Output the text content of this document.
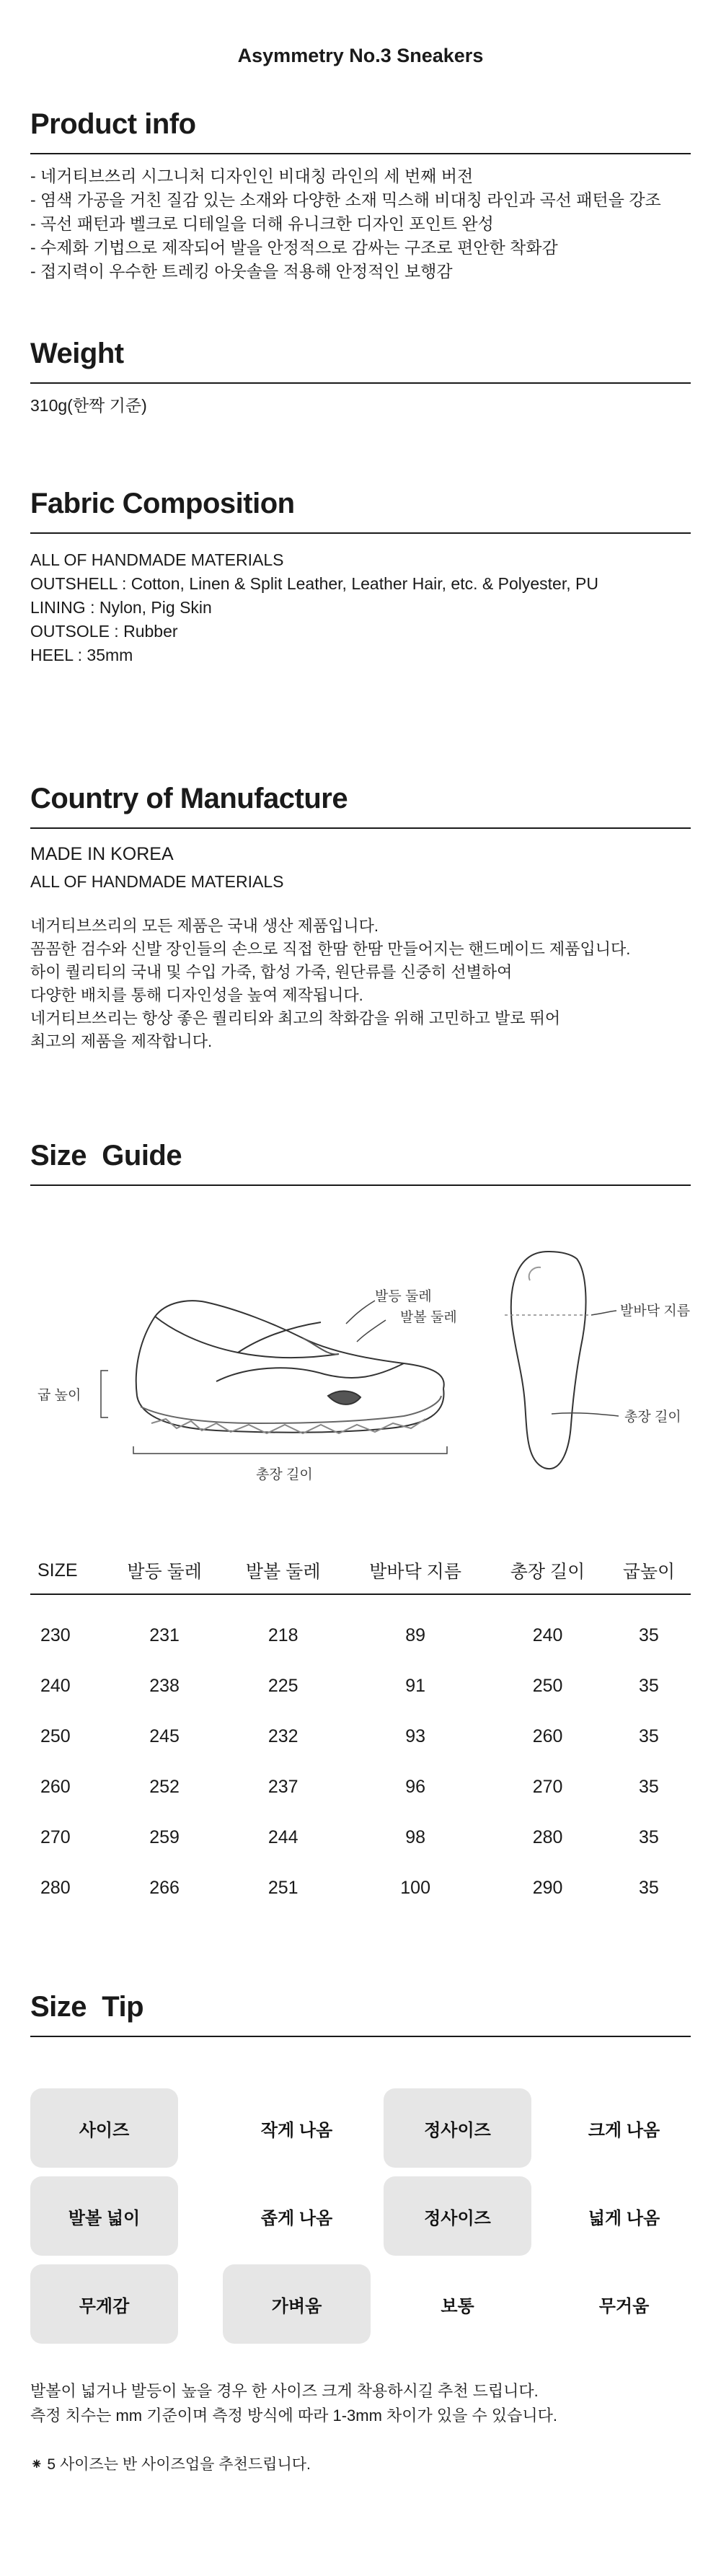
Asymmetry No.3 Sneakers
Product info
- 네거티브쓰리 시그니처 디자인인 비대칭 라인의 세 번째 버전
- 염색 가공을 거친 질감 있는 소재와 다양한 소재 믹스해 비대칭 라인과 곡선 패턴을 강조
- 곡선 패턴과 벨크로 디테일을 더해 유니크한 디자인 포인트 완성
- 수제화 기법으로 제작되어 발을 안정적으로 감싸는 구조로 편안한 착화감
- 접지력이 우수한 트레킹 아웃솔을 적용해 안정적인 보행감
Weight
310g(한짝 기준)
Fabric Composition
ALL OF HANDMADE MATERIALS
OUTSHELL : Cotton, Linen & Split Leather, Leather Hair, etc. & Polyester, PU
LINING : Nylon, Pig Skin
OUTSOLE : Rubber
HEEL : 35mm
Country of Manufacture
MADE IN KOREA
ALL OF HANDMADE MATERIALS
네거티브쓰리의 모든 제품은 국내 생산 제품입니다.
꼼꼼한 검수와 신발 장인들의 손으로 직접 한땀 한땀 만들어지는 핸드메이드 제품입니다.
하이 퀄리티의 국내 및 수입 가죽, 합성 가죽, 원단류를 신중히 선별하여
다양한 배치를 통해 디자인성을 높여 제작됩니다.
네거티브쓰리는 항상 좋은 퀄리티와 최고의 착화감을 위해 고민하고 발로 뛰어
최고의 제품을 제작합니다.
Size  Guide
발등 둘레
발볼 둘레
굽 높이
총장 길이
발바닥 지름
총장 길이
SIZE	발등 둘레	발볼 둘레	발바닥 지름	총장 길이	굽높이
230	231	218	89	240	35
240	238	225	91	250	35
250	245	232	93	260	35
260	252	237	96	270	35
270	259	244	98	280	35
280	266	251	100	290	35
Size  Tip
사이즈	작게 나옴	정사이즈	크게 나옴
발볼 넓이	좁게 나옴	정사이즈	넓게 나옴
무게감	가벼움	보통	무거움
발볼이 넓거나 발등이 높을 경우 한 사이즈 크게 착용하시길 추천 드립니다.
측정 치수는 mm 기준이며 측정 방식에 따라 1-3mm 차이가 있을 수 있습니다.
⁕ 5 사이즈는 반 사이즈업을 추천드립니다.
